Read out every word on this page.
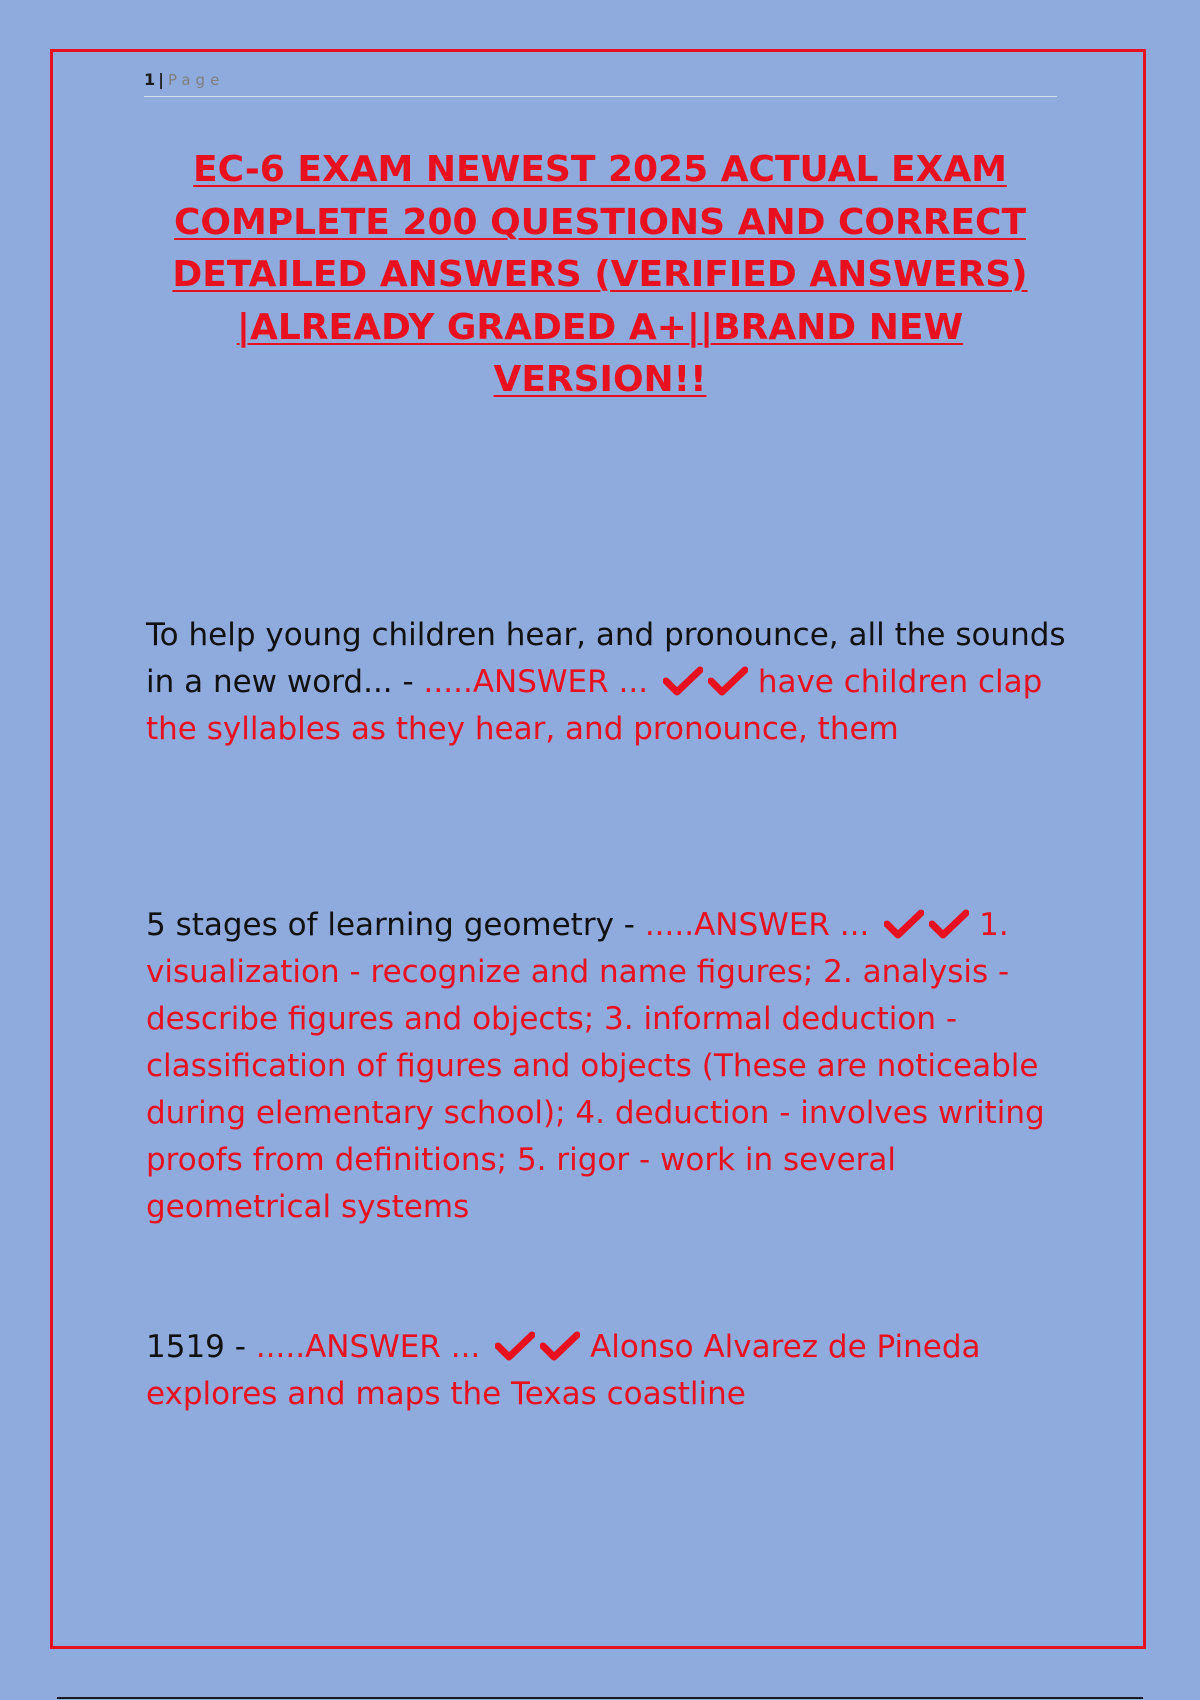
1 | Page
EC-6 EXAM NEWEST 2025 ACTUAL EXAM
COMPLETE 200 QUESTIONS AND CORRECT
DETAILED ANSWERS (VERIFIED ANSWERS)
|ALREADY GRADED A+||BRAND NEW
VERSION!!
To help young children hear, and pronounce, all the sounds in a new word... - .....ANSWER ...	have children clap the syllables as they hear, and pronounce, them
5 stages of learning geometry - .....ANSWER ...	1. visualization - recognize and name figures; 2. analysis - describe figures and objects; 3. informal deduction - classification of figures and objects (These are noticeable during elementary school); 4. deduction - involves writing proofs from definitions; 5. rigor - work in several geometrical systems
1519 - .....ANSWER ...	Alonso Alvarez de Pineda explores and maps the Texas coastline
